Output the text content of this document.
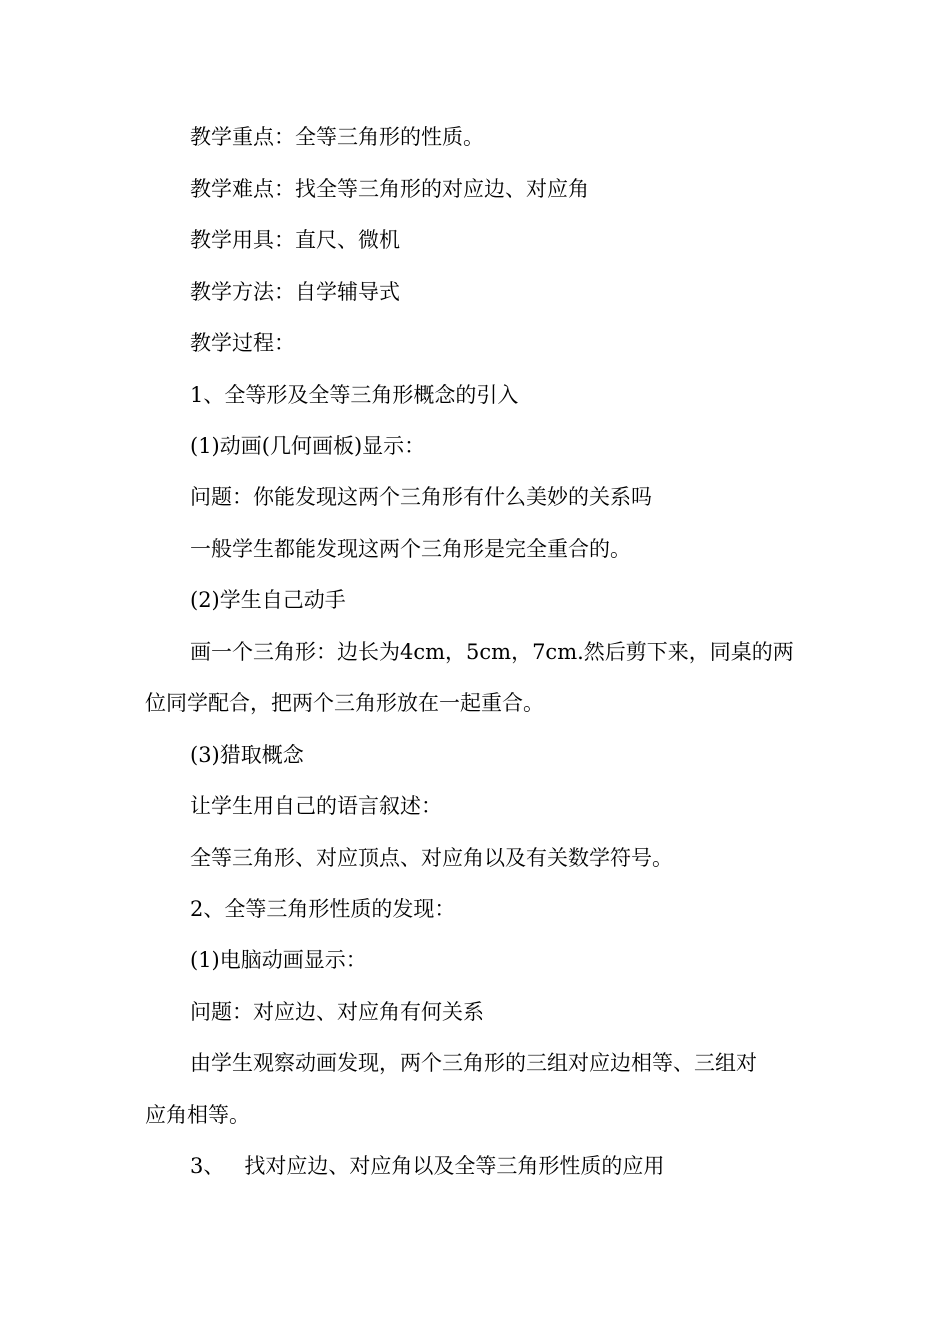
教学重点：全等三角形的性质。
教学难点：找全等三角形的对应边、对应角
教学用具：直尺、微机
教学方法：自学辅导式
教学过程：
1、全等形及全等三角形概念的引入
(1)动画(几何画板)显示：
问题：你能发现这两个三角形有什么美妙的关系吗
一般学生都能发现这两个三角形是完全重合的。
(2)学生自己动手
画一个三角形：边长为4cm，5cm，7cm.然后剪下来，同桌的两
位同学配合，把两个三角形放在一起重合。
(3)猎取概念
让学生用自己的语言叙述：
全等三角形、对应顶点、对应角以及有关数学符号。
2、全等三角形性质的发现：
(1)电脑动画显示：
问题：对应边、对应角有何关系
由学生观察动画发现，两个三角形的三组对应边相等、三组对
应角相等。
3、   找对应边、对应角以及全等三角形性质的应用
